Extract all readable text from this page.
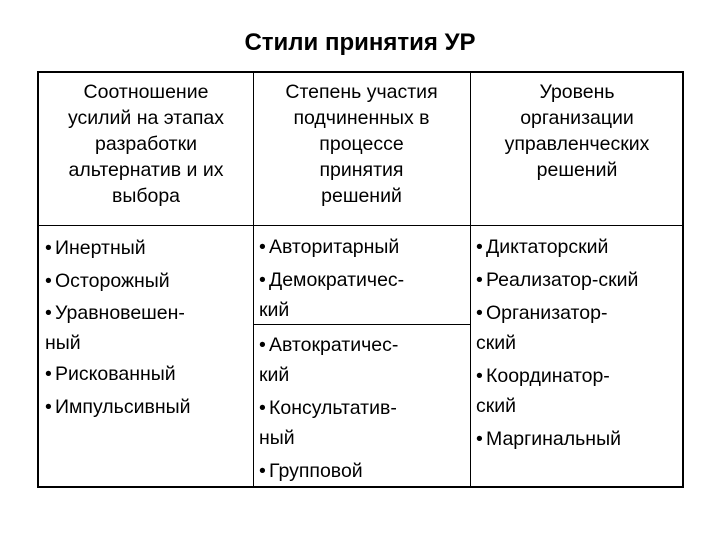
Стили принятия УР
Соотношение
усилий на этапах
разработки
альтернатив и их
выбора
Степень участия
подчиненных в
процессе
принятия
решений
Уровень
организации
управленческих
решений
• Инертный
• Осторожный
• Уравновешен-
ный
• Рискованный
• Импульсивный
• Авторитарный
• Демократичес-
кий
• Автократичес-
кий
• Консультатив-
ный
• Групповой
• Диктаторский
• Реализатор-ский
• Организатор-
ский
• Координатор-
ский
• Маргинальный
